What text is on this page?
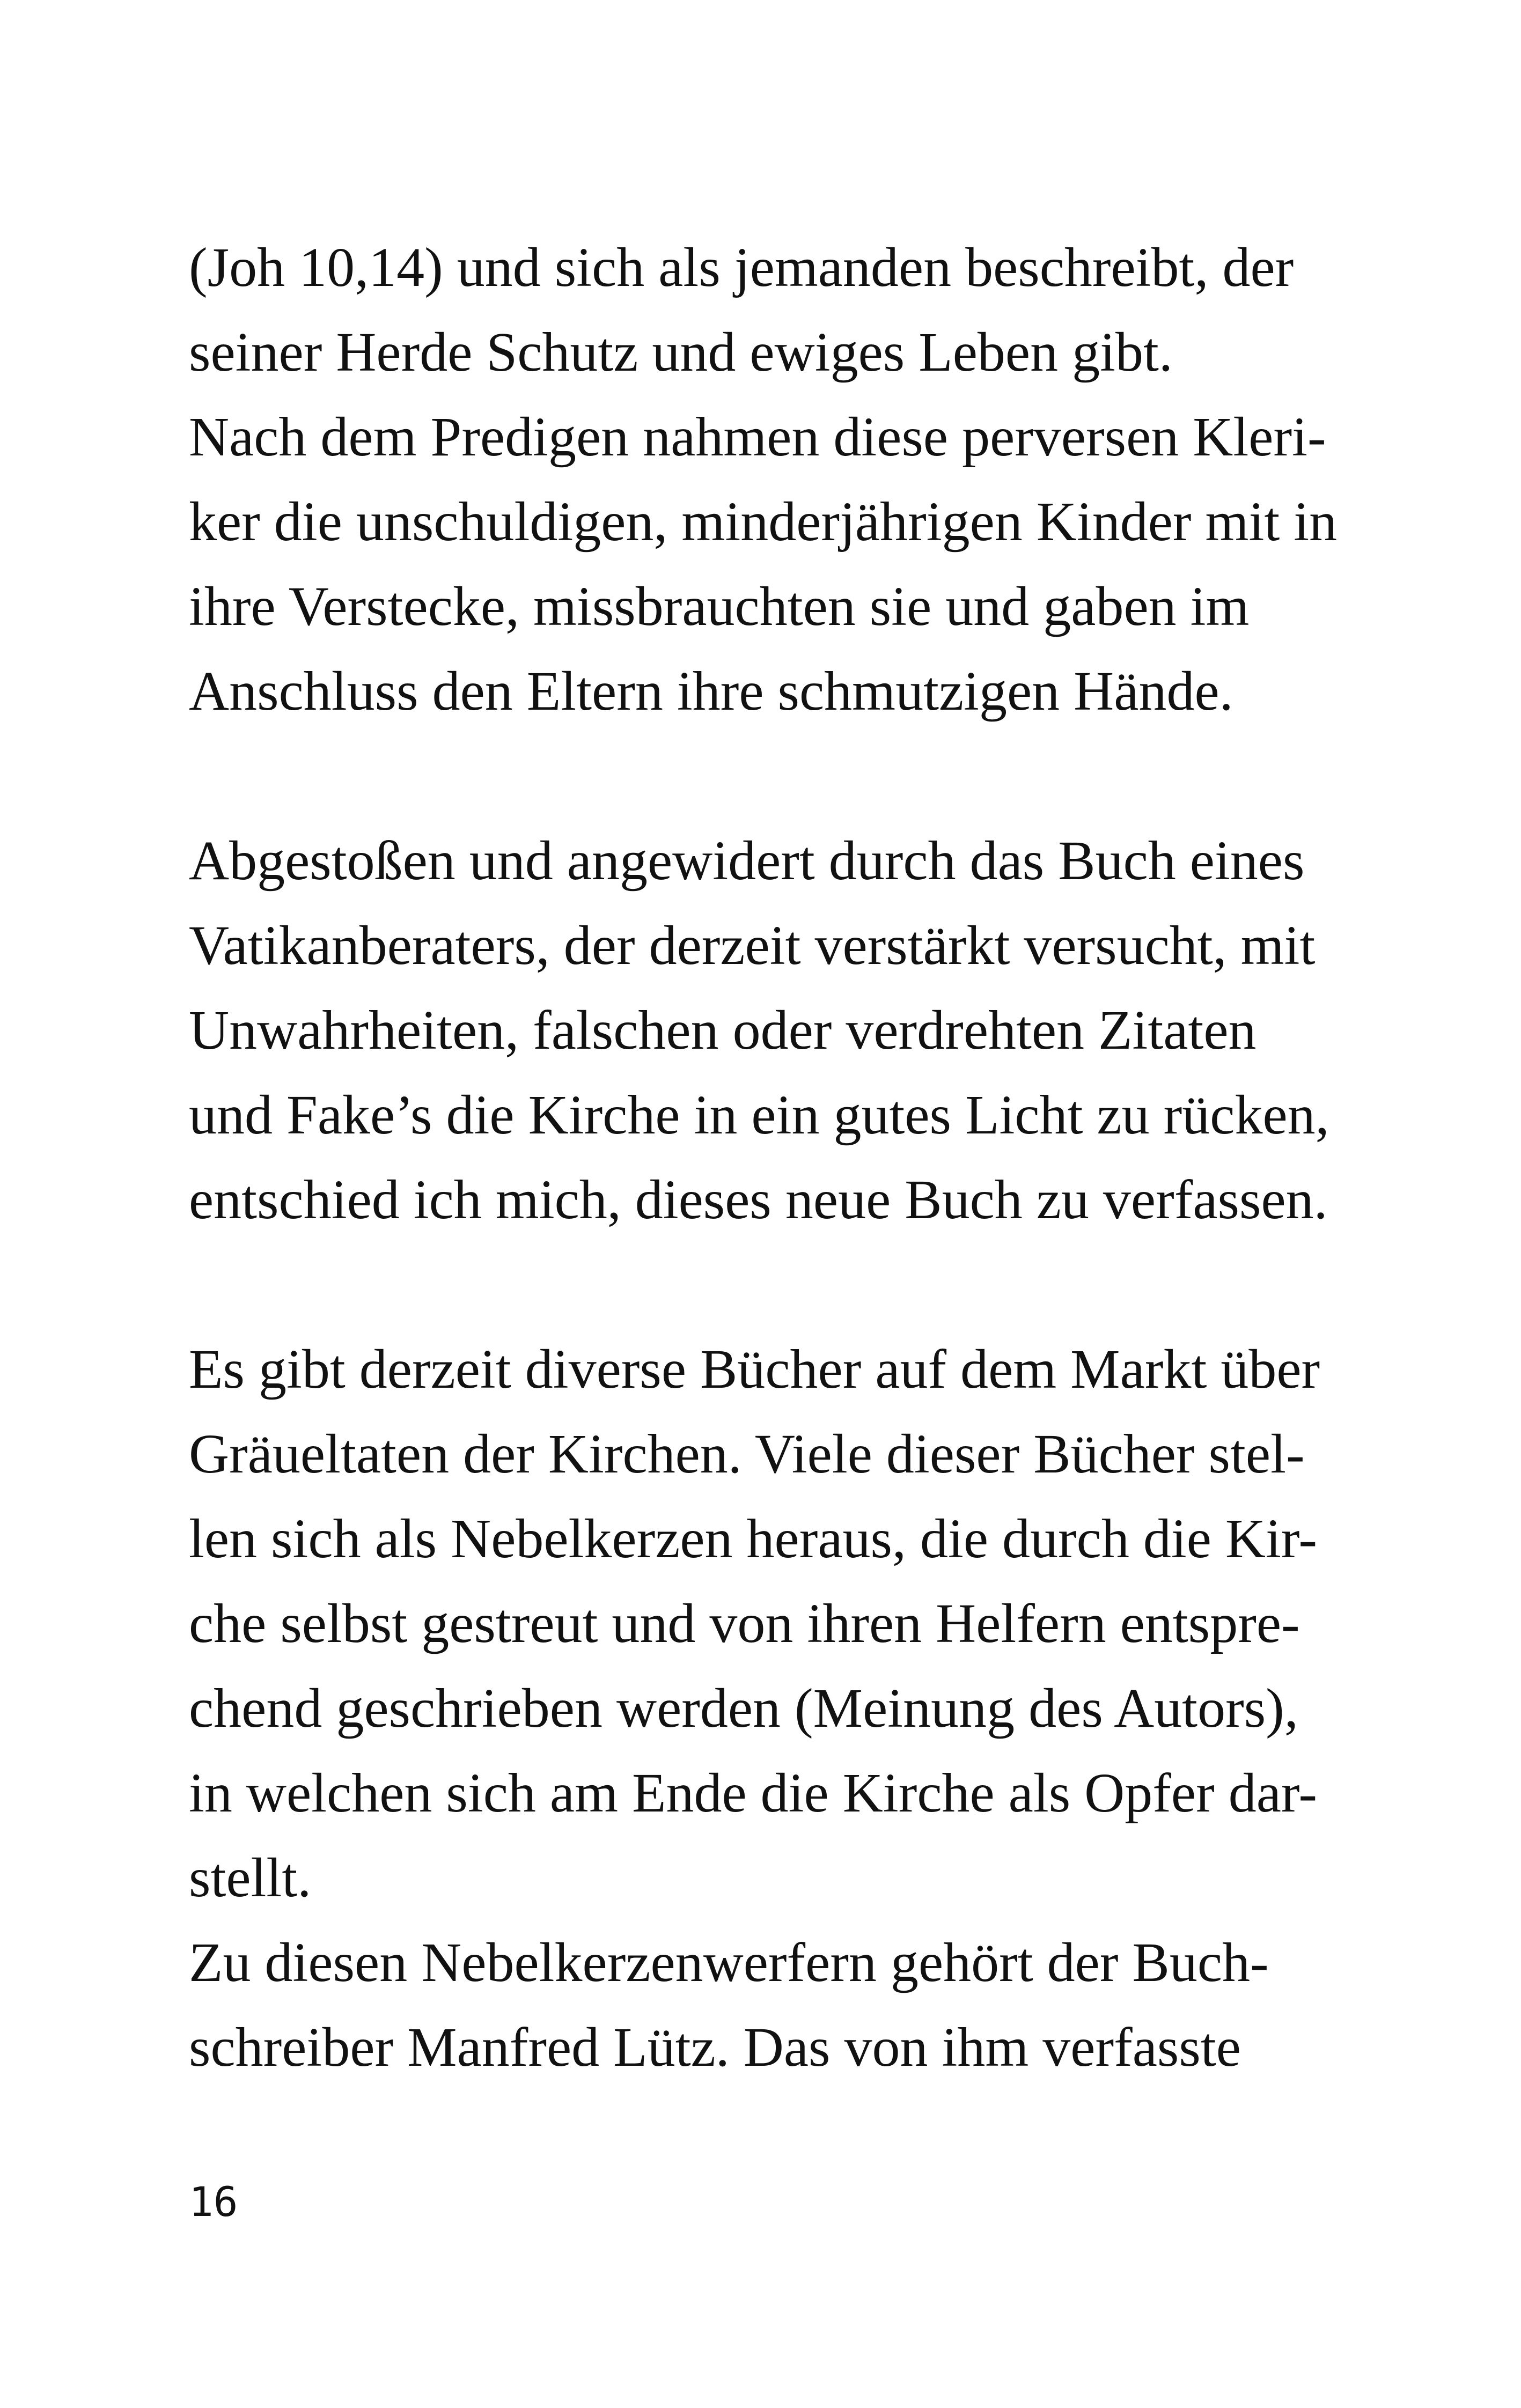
(Joh 10,14) und sich als jemanden beschreibt, der
seiner Herde Schutz und ewiges Leben gibt.
Nach dem Predigen nahmen diese perversen Kleri-
ker die unschuldigen, minderjährigen Kinder mit in
ihre Verstecke, missbrauchten sie und gaben im
Anschluss den Eltern ihre schmutzigen Hände.
Abgestoßen und angewidert durch das Buch eines
Vatikanberaters, der derzeit verstärkt versucht, mit
Unwahrheiten, falschen oder verdrehten Zitaten
und Fake’s die Kirche in ein gutes Licht zu rücken,
entschied ich mich, dieses neue Buch zu verfassen.
Es gibt derzeit diverse Bücher auf dem Markt über
Gräueltaten der Kirchen. Viele dieser Bücher stel-
len sich als Nebelkerzen heraus, die durch die Kir-
che selbst gestreut und von ihren Helfern entspre-
chend geschrieben werden (Meinung des Autors),
in welchen sich am Ende die Kirche als Opfer dar-
stellt.
Zu diesen Nebelkerzenwerfern gehört der Buch-
schreiber Manfred Lütz. Das von ihm verfasste
16
